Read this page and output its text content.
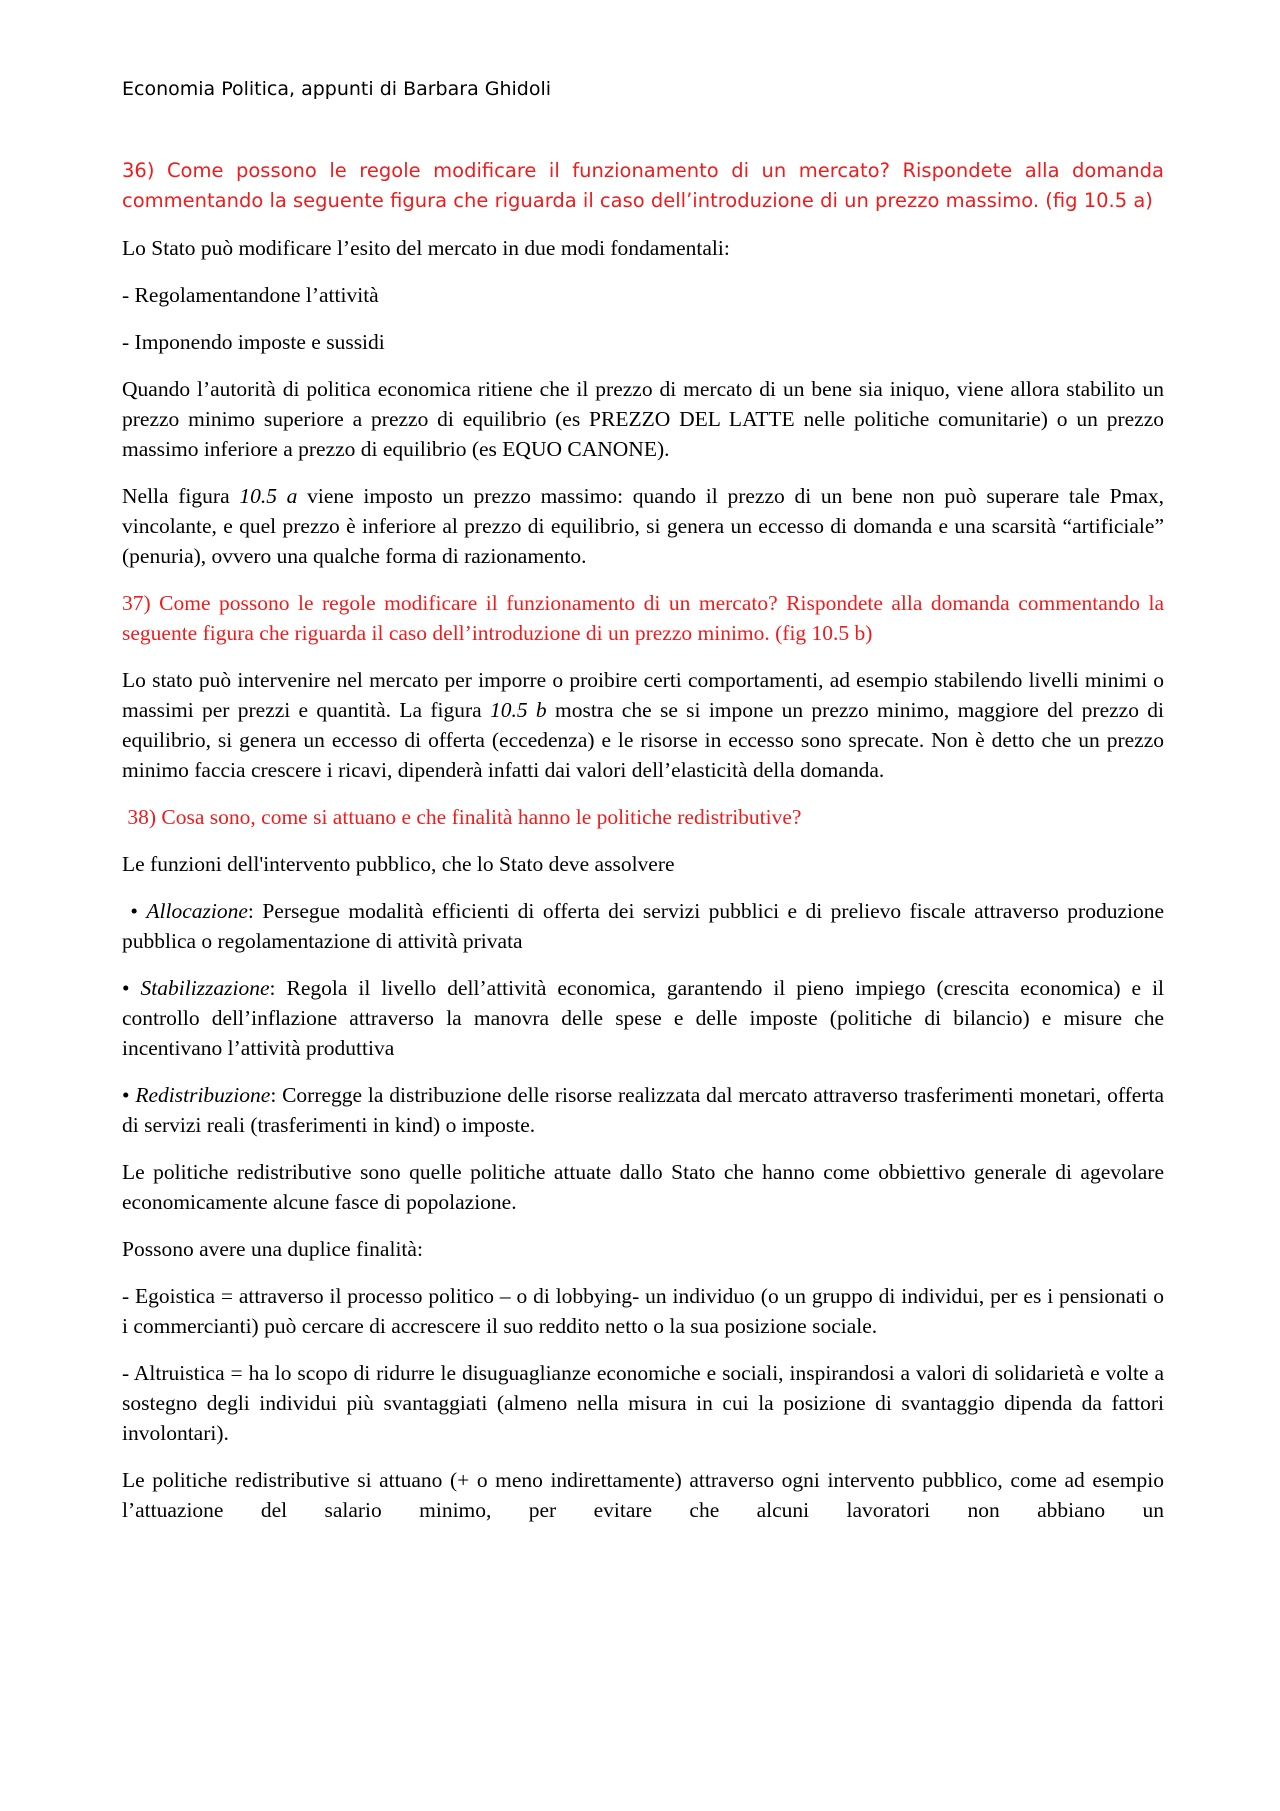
Economia Politica, appunti di Barbara Ghidoli

36) Come possono le regole modificare il funzionamento di un mercato? Rispondete alla domanda commentando la seguente figura che riguarda il caso dell’introduzione di un prezzo massimo. (fig 10.5 a)

Lo Stato può modificare l’esito del mercato in due modi fondamentali:

- Regolamentandone l’attività

- Imponendo imposte e sussidi

Quando l’autorità di politica economica ritiene che il prezzo di mercato di un bene sia iniquo, viene allora stabilito un prezzo minimo superiore a prezzo di equilibrio (es PREZZO DEL LATTE nelle politiche comunitarie) o un prezzo massimo inferiore a prezzo di equilibrio (es EQUO CANONE).

Nella figura 10.5 a viene imposto un prezzo massimo: quando il prezzo di un bene non può superare tale Pmax, vincolante, e quel prezzo è inferiore al prezzo di equilibrio, si genera un eccesso di domanda e una scarsità “artificiale” (penuria), ovvero una qualche forma di razionamento.

37) Come possono le regole modificare il funzionamento di un mercato? Rispondete alla domanda commentando la seguente figura che riguarda il caso dell’introduzione di un prezzo minimo. (fig 10.5 b)

Lo stato può intervenire nel mercato per imporre o proibire certi comportamenti, ad esempio stabilendo livelli minimi o massimi per prezzi e quantità. La figura 10.5 b mostra che se si impone un prezzo minimo, maggiore del prezzo di equilibrio, si genera un eccesso di offerta (eccedenza) e le risorse in eccesso sono sprecate. Non è detto che un prezzo minimo faccia crescere i ricavi, dipenderà infatti dai valori dell’elasticità della domanda.

38) Cosa sono, come si attuano e che finalità hanno le politiche redistributive?

Le funzioni dell'intervento pubblico, che lo Stato deve assolvere

• Allocazione: Persegue modalità efficienti di offerta dei servizi pubblici e di prelievo fiscale attraverso produzione pubblica o regolamentazione di attività privata

• Stabilizzazione: Regola il livello dell’attività economica, garantendo il pieno impiego (crescita economica) e il controllo dell’inflazione attraverso la manovra delle spese e delle imposte (politiche di bilancio) e misure che incentivano l’attività produttiva

• Redistribuzione: Corregge la distribuzione delle risorse realizzata dal mercato attraverso trasferimenti monetari, offerta di servizi reali (trasferimenti in kind) o imposte.

Le politiche redistributive sono quelle politiche attuate dallo Stato che hanno come obbiettivo generale di agevolare economicamente alcune fasce di popolazione.

Possono avere una duplice finalità:

- Egoistica = attraverso il processo politico – o di lobbying- un individuo (o un gruppo di individui, per es i pensionati o i commercianti) può cercare di accrescere il suo reddito netto o la sua posizione sociale.

- Altruistica = ha lo scopo di ridurre le disuguaglianze economiche e sociali, inspirandosi a valori di solidarietà e volte a sostegno degli individui più svantaggiati (almeno nella misura in cui la posizione di svantaggio dipenda da fattori involontari).

Le politiche redistributive si attuano (+ o meno indirettamente) attraverso ogni intervento pubblico, come ad esempio l’attuazione del salario minimo, per evitare che alcuni lavoratori non abbiano un
